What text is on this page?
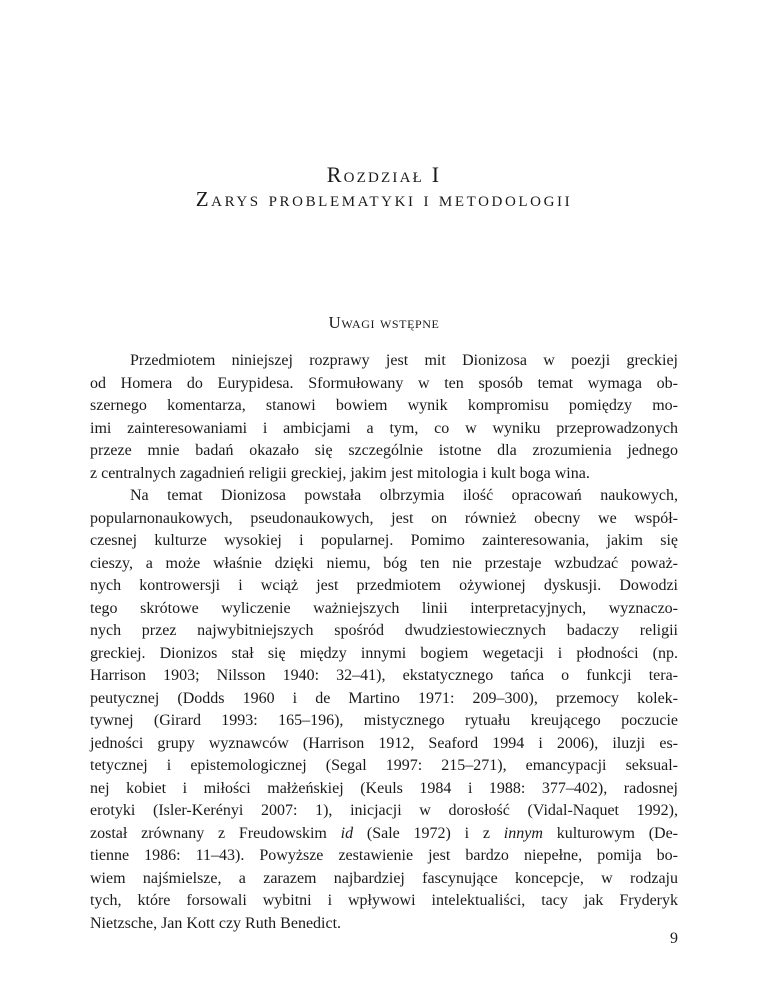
Rozdział I
Zarys problematyki i metodologii
Uwagi wstępne
Przedmiotem niniejszej rozprawy jest mit Dionizosa w poezji greckiej
od Homera do Eurypidesa. Sformułowany w ten sposób temat wymaga ob-
szernego komentarza, stanowi bowiem wynik kompromisu pomiędzy mo-
imi zainteresowaniami i ambicjami a tym, co w wyniku przeprowadzonych
przeze mnie badań okazało się szczególnie istotne dla zrozumienia jednego
z centralnych zagadnień religii greckiej, jakim jest mitologia i kult boga wina.
Na temat Dionizosa powstała olbrzymia ilość opracowań naukowych,
popularnonaukowych, pseudonaukowych, jest on również obecny we współ-
czesnej kulturze wysokiej i popularnej. Pomimo zainteresowania, jakim się
cieszy, a może właśnie dzięki niemu, bóg ten nie przestaje wzbudzać poważ-
nych kontrowersji i wciąż jest przedmiotem ożywionej dyskusji. Dowodzi
tego skrótowe wyliczenie ważniejszych linii interpretacyjnych, wyznaczo-
nych przez najwybitniejszych spośród dwudziestowiecznych badaczy religii
greckiej. Dionizos stał się między innymi bogiem wegetacji i płodności (np.
Harrison 1903; Nilsson 1940: 32–41), ekstatycznego tańca o funkcji tera-
peutycznej (Dodds 1960 i de Martino 1971: 209–300), przemocy kolek-
tywnej (Girard 1993: 165–196), mistycznego rytuału kreującego poczucie
jedności grupy wyznawców (Harrison 1912, Seaford 1994 i 2006), iluzji es-
tetycznej i epistemologicznej (Segal 1997: 215–271), emancypacji seksual-
nej kobiet i miłości małżeńskiej (Keuls 1984 i 1988: 377–402), radosnej
erotyki (Isler-Kerényi 2007: 1), inicjacji w dorosłość (Vidal-Naquet 1992),
został zrównany z Freudowskim id (Sale 1972) i z innym kulturowym (De-
tienne 1986: 11–43). Powyższe zestawienie jest bardzo niepełne, pomija bo-
wiem najśmielsze, a zarazem najbardziej fascynujące koncepcje, w rodzaju
tych, które forsowali wybitni i wpływowi intelektualiści, tacy jak Fryderyk
Nietzsche, Jan Kott czy Ruth Benedict.
9
